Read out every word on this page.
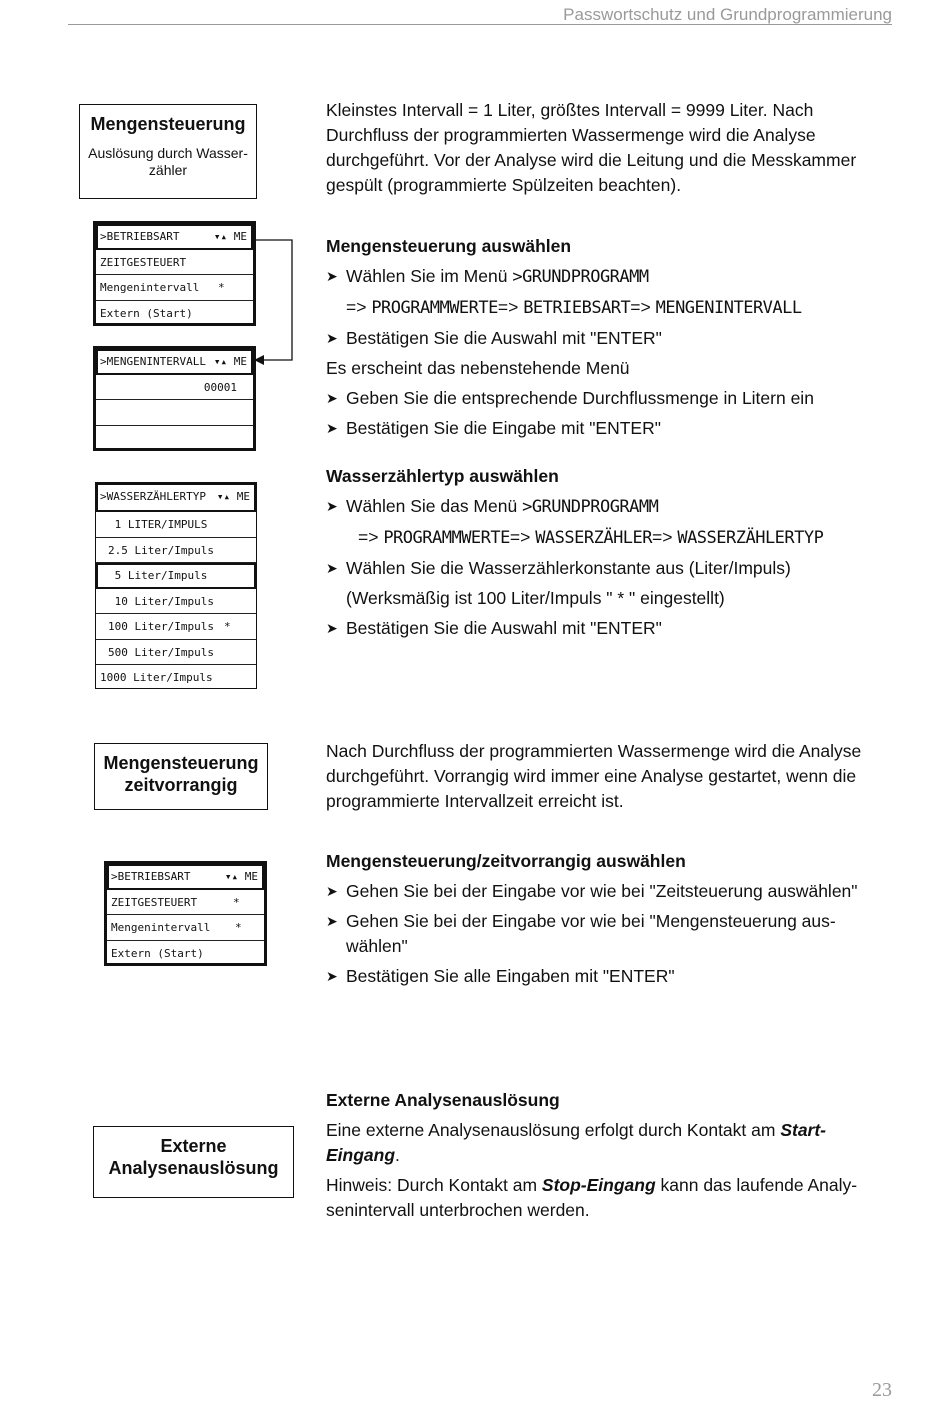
Passwortschutz und Grundprogrammierung
Mengensteuerung
Auslösung durch Wasser-zähler

Kleinstes Intervall = 1 Liter, größtes Intervall = 9999 Liter. Nach Durchfluss der programmierten Wassermenge wird die Analyse durchgeführt. Vor der Analyse wird die Leitung und die Messkammer gespült (programmierte Spülzeiten beachten).

>BETRIEBSART	▾▴ ME
ZEITGESTEUERT
Mengenintervall *
Extern (Start)
>MENGENINTERVALL ▾▴ ME
00001

Mengensteuerung auswählen

➤ Wählen Sie im Menü >GRUNDPROGRAMM

=> PROGRAMMWERTE=> BETRIEBSART=> MENGENINTERVALL

➤ Bestätigen Sie die Auswahl mit "ENTER"

Es erscheint das nebenstehende Menü

➤ Geben Sie die entsprechende Durchflussmenge in Litern ein

➤ Bestätigen Sie die Eingabe mit "ENTER"

>WASSERZÄHLERTYP ▾▴ ME
1 LITER/IMPULS
2.5 Liter/Impuls
5 Liter/Impuls
10 Liter/Impuls
100 Liter/Impuls *
500 Liter/Impuls
1000 Liter/Impuls

Wasserzählertyp auswählen

➤ Wählen Sie das Menü >GRUNDPROGRAMM

=> PROGRAMMWERTE=> WASSERZÄHLER=> WASSERZÄHLERTYP

➤ Wählen Sie die Wasserzählerkonstante aus (Liter/Impuls)

(Werksmäßig ist 100 Liter/Impuls " * " eingestellt)

➤ Bestätigen Sie die Auswahl mit "ENTER"

Mengensteuerung zeitvorrangig

Nach Durchfluss der programmierten Wassermenge wird die Analyse durchgeführt. Vorrangig wird immer eine Analyse gestartet, wenn die programmierte Intervallzeit erreicht ist.

>BETRIEBSART	▾▴ ME
ZEITGESTEUERT	*
Mengenintervall *
Extern (Start)

Mengensteuerung/zeitvorrangig auswählen

➤ Gehen Sie bei der Eingabe vor wie bei "Zeitsteuerung auswählen"

➤ Gehen Sie bei der Eingabe vor wie bei "Mengensteuerung aus-wählen"

➤ Bestätigen Sie alle Eingaben mit "ENTER"

Externe Analysenauslösung

Externe Analysenauslösung

Eine externe Analysenauslösung erfolgt durch Kontakt am Start-Eingang.

Hinweis: Durch Kontakt am Stop-Eingang kann das laufende Analy-senintervall unterbrochen werden.

23
